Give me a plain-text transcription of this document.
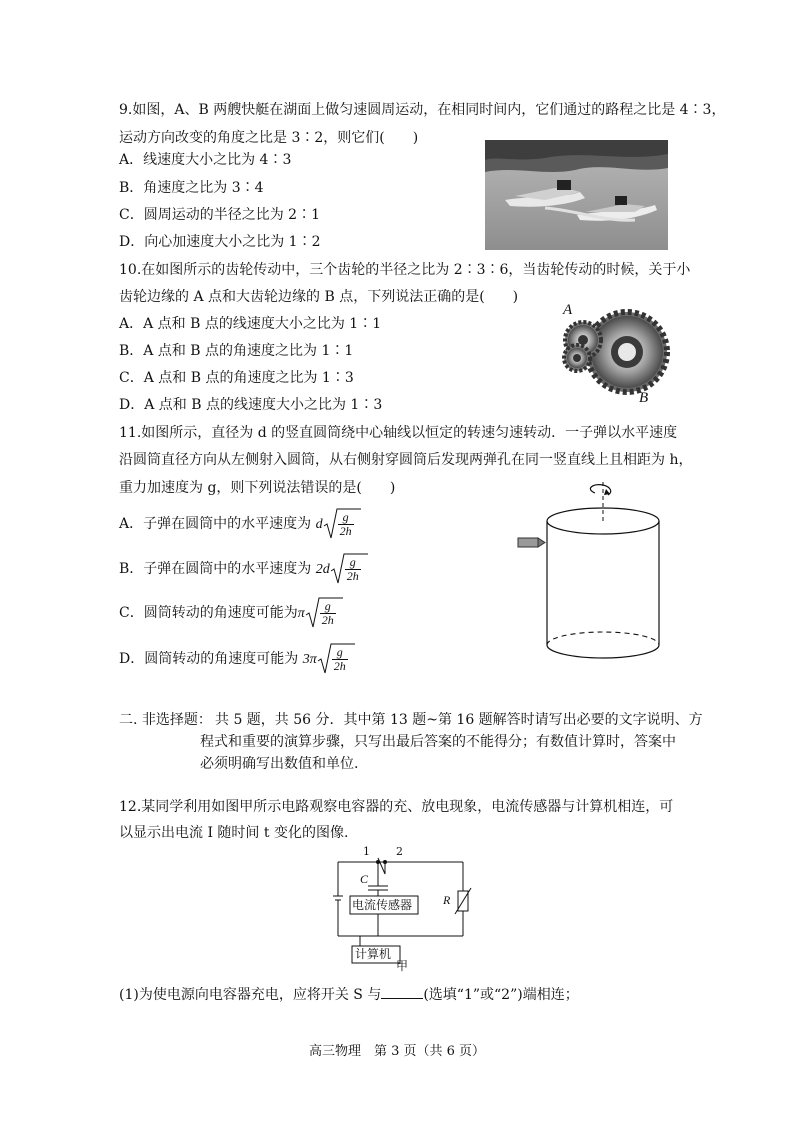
9.如图，A、B 两艘快艇在湖面上做匀速圆周运动，在相同时间内，它们通过的路程之比是 4∶3，
运动方向改变的角度之比是 3∶2，则它们(　　)
A．线速度大小之比为 4∶3
B．角速度之比为 3∶4
C．圆周运动的半径之比为 2∶1
D．向心加速度大小之比为 1∶2
10.在如图所示的齿轮传动中，三个齿轮的半径之比为 2∶3∶6，当齿轮传动的时候，关于小
齿轮边缘的 A 点和大齿轮边缘的 B 点，下列说法正确的是(　　)
A．A 点和 B 点的线速度大小之比为 1∶1
B．A 点和 B 点的角速度之比为 1∶1
C．A 点和 B 点的角速度之比为 1∶3
D．A 点和 B 点的线速度大小之比为 1∶3
A
B
11.如图所示，直径为 d 的竖直圆筒绕中心轴线以恒定的转速匀速转动．一子弹以水平速度
沿圆筒直径方向从左侧射入圆筒，从右侧射穿圆筒后发现两弹孔在同一竖直线上且相距为 h，
重力加速度为 g，则下列说法错误的是(　　)
A．子弹在圆筒中的水平速度为 d $\frac{g}{2h}$
B．子弹在圆筒中的水平速度为 $2d \frac{g}{2h}$
C．圆筒转动的角速度可能为π $\frac{g}{2h}$
D．圆筒转动的角速度可能为 $3\pi \frac{g}{2h}$
二. 非选择题： 共 5 题，共 56 分．其中第 13 题~第 16 题解答时请写出必要的文字说明、方
程式和重要的演算步骤，只写出最后答案的不能得分；有数值计算时，答案中
必须明确写出数值和单位.
12.某同学利用如图甲所示电路观察电容器的充、放电现象，电流传感器与计算机相连，可
以显示出电流 I 随时间 t 变化的图像.
1 2
C
电流传感器	R
计算机
甲
(1)为使电源向电容器充电，应将开关 S 与	(选填“1”或“2”)端相连；
高三物理　第 3 页（共 6 页）
